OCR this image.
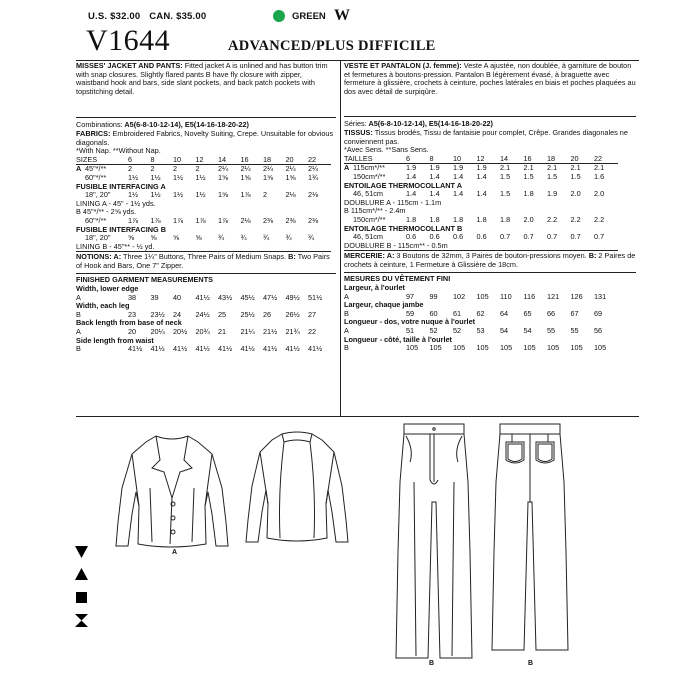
U.S. $32.00 CAN. $35.00	GREEN W
V1644	ADVANCED/PLUS DIFFICILE

MISSES' JACKET AND PANTS: Fitted jacket A is unlined and has button trim with snap closures. Slightly flared pants B have fly closure with zipper, waistband hook and bars, side slant pockets, and back patch pockets with topstitching detail.

Combinations: A5(6-8-10-12-14), E5(14-16-18-20-22)

FABRICS: Embroidered Fabrics, Novelty Suiting, Crepe. Unsuitable for obvious diagonals.

*With Nap. **Without Nap.

SIZES		6	8	10	12	14	16	18	20	22
A	45"*/**	2	2	2	2	2¼	2¼	2¼	2¼	2¼
	60"*/**	1½	1½	1½	1½	1⅝	1⅝	1⅝	1⅝	1¾
FUSIBLE INTERFACING A										
	18", 20"	1½	1½	1½	1½	1⅝	1⅞	2	2⅛	2⅛
LINING A - 45" - 1½ yds.										
B 45"*/** - 2⅝ yds.										
	60"*/**	1⅞	1⅞	1⅞	1⅞	1⅞	2⅛	2⅜	2⅜	2⅜
FUSIBLE INTERFACING B										
	18", 20"	⅝	⅝	⅝	⅝	¾	¾	¾	¾	¾
LINING B - 45"** - ½ yd.										

NOTIONS: A: Three 1¼" Buttons, Three Pairs of Medium Snaps. B: Two Pairs of Hook and Bars, One 7" Zipper.

FINISHED GARMENT MEASUREMENTS

Width, lower edge									
A	38	39	40	41½	43½	45½	47½	49½	51½
Width, each leg									
B	23	23½	24	24½	25	25½	26	26½	27
Back length from base of neck									
A	20	20¼	20½	20¾	21	21¼	21½	21¾	22
Side length from waist									
B	41½	41½	41½	41½	41½	41½	41½	41½	41½

VESTE ET PANTALON (J. femme): Veste A ajustée, non doublée, à garniture de bouton et fermetures à boutons-pression. Pantalon B légèrement évasé, à braguette avec fermeture à glissière, crochets à ceinture, poches latérales en biais et poches plaquées au dos avec détail de surpiqûre.

Séries: A5(6-8-10-12-14), E5(14-16-18-20-22)

TISSUS: Tissus brodés, Tissu de fantaisie pour complet, Crêpe. Grandes diagonales ne conviennent pas.

*Avec Sens. **Sans Sens.

TAILLES		6	8	10	12	14	16	18	20	22
A	115cm*/**	1.9	1.9	1.9	1.9	2.1	2.1	2.1	2.1	2.1
	150cm*/**	1.4	1.4	1.4	1.4	1.5	1.5	1.5	1.5	1.6
ENTOILAGE THERMOCOLLANT A										
	46, 51cm	1.4	1.4	1.4	1.4	1.5	1.8	1.9	2.0	2.0
DOUBLURE A - 115cm - 1.1m										
B 115cm*/** - 2.4m										
	150cm*/**	1.8	1.8	1.8	1.8	1.8	2.0	2.2	2.2	2.2
ENTOILAGE THERMOCOLLANT B										
	46, 51cm	0.6	0.6	0.6	0.6	0.7	0.7	0.7	0.7	0.7
DOUBLURE B - 115cm** - 0.5m										

MERCERIE: A: 3 Boutons de 32mm, 3 Paires de bouton-pressions moyen. B: 2 Paires de crochets à ceinture, 1 Fermeture à Glissière de 18cm.

MESURES DU VÊTEMENT FINI

Largeur, à l'ourlet									
A	97	99	102	105	110	116	121	126	131
Largeur, chaque jambe									
B	59	60	61	62	64	65	66	67	69
Longueur - dos, votre nuque à l'ourlet									
A	51	52	52	53	54	54	55	55	56
Longueur - côté, taille à l'ourlet									
B	105	105	105	105	105	105	105	105	105

A
B	B
